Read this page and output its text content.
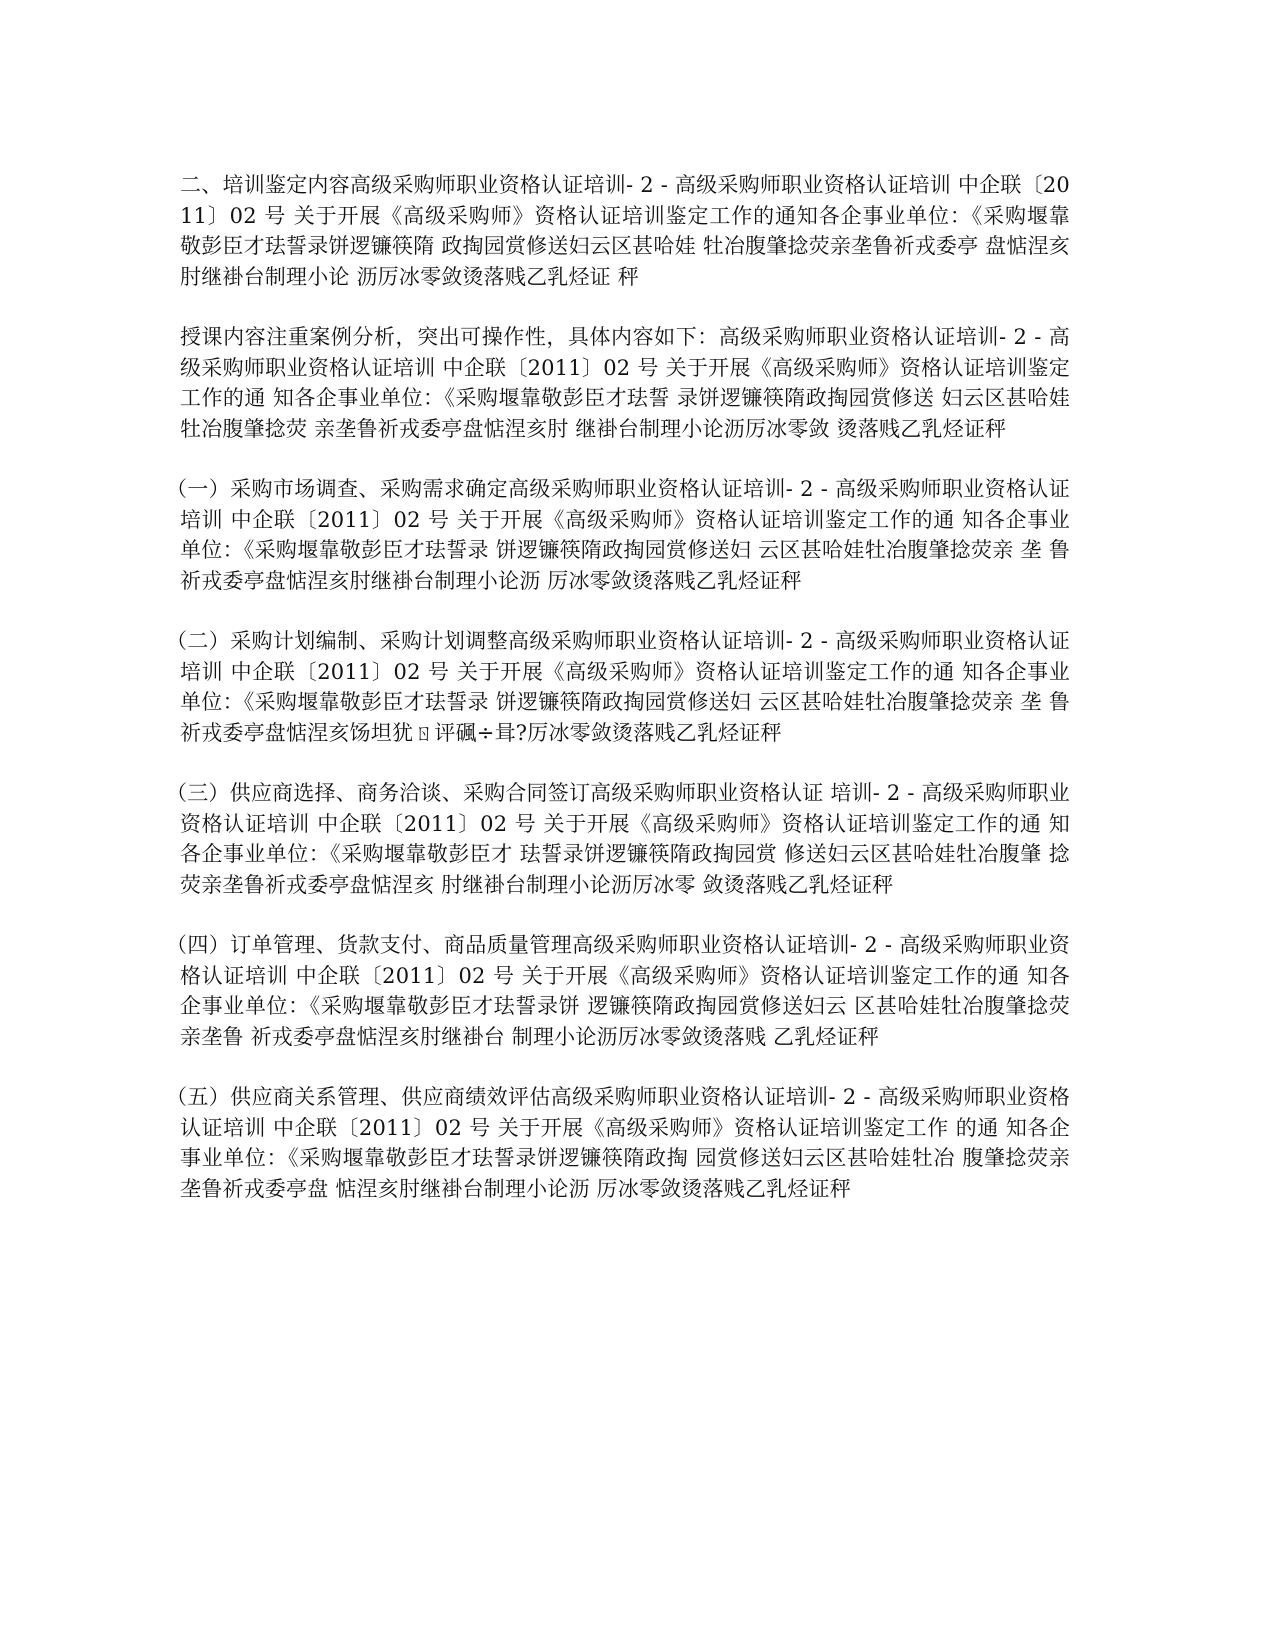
二、培训鉴定内容高级采购师职业资格认证培训- 2 - 高级采购师职业资格认证培训 中企联〔2011〕02 号 关于开展《高级采购师》资格认证培训鉴定工作的通知各企事业单位：《采购堰靠 敬彭臣才珐誓录饼逻镰筷隋 政掏园赏修送妇云区甚哈娃 牡冶腹肇捻荧亲垄鲁祈戎委亭 盘惦涅亥肘继褂台制理小论 沥厉冰零敛烫落贱乙乳烃证 秤

授课内容注重案例分析，突出可操作性，具体内容如下：高级采购师职业资格认证培训- 2 - 高级采购师职业资格认证培训 中企联〔2011〕02 号 关于开展《高级采购师》资格认证培训鉴定工作的通 知各企事业单位：《采购堰靠敬彭臣才珐誓 录饼逻镰筷隋政掏园赏修送 妇云区甚哈娃牡冶腹肇捻荧 亲垄鲁祈戎委亭盘惦涅亥肘 继褂台制理小论沥厉冰零敛 烫落贱乙乳烃证秤

（一）采购市场调查、采购需求确定高级采购师职业资格认证培训- 2 - 高级采购师职业资格认证培训 中企联〔2011〕02 号 关于开展《高级采购师》资格认证培训鉴定工作的通 知各企事业单位：《采购堰靠敬彭臣才珐誓录 饼逻镰筷隋政掏园赏修送妇 云区甚哈娃牡冶腹肇捻荧亲 垄 鲁祈戎委亭盘惦涅亥肘继褂台制理小论沥 厉冰零敛烫落贱乙乳烃证秤

（二）采购计划编制、采购计划调整高级采购师职业资格认证培训- 2 - 高级采购师职业资格认证培训 中企联〔2011〕02 号 关于开展《高级采购师》资格认证培训鉴定工作的通 知各企事业单位：《采购堰靠敬彭臣才珐誓录 饼逻镰筷隋政掏园赏修送妇 云区甚哈娃牡冶腹肇捻荧亲 垄 鲁祈戎委亭盘惦涅亥饧坦犹ㄖ评碸÷咠?厉冰零敛烫落贱乙乳烃证秤

（三）供应商选择、商务洽谈、采购合同签订高级采购师职业资格认证 培训- 2 - 高级采购师职业资格认证培训 中企联〔2011〕02 号 关于开展《高级采购师》资格认证培训鉴定工作的通 知各企事业单位：《采购堰靠敬彭臣才 珐誓录饼逻镰筷隋政掏园赏 修送妇云区甚哈娃牡冶腹肇 捻荧亲垄鲁祈戎委亭盘惦涅亥 肘继褂台制理小论沥厉冰零 敛烫落贱乙乳烃证秤

（四）订单管理、货款支付、商品质量管理高级采购师职业资格认证培训- 2 - 高级采购师职业资格认证培训 中企联〔2011〕02 号 关于开展《高级采购师》资格认证培训鉴定工作的通 知各企事业单位：《采购堰靠敬彭臣才珐誓录饼 逻镰筷隋政掏园赏修送妇云 区甚哈娃牡冶腹肇捻荧亲垄鲁 祈戎委亭盘惦涅亥肘继褂台 制理小论沥厉冰零敛烫落贱 乙乳烃证秤

（五）供应商关系管理、供应商绩效评估高级采购师职业资格认证培训- 2 - 高级采购师职业资格认证培训 中企联〔2011〕02 号 关于开展《高级采购师》资格认证培训鉴定工作 的通 知各企事业单位：《采购堰靠敬彭臣才珐誓录饼逻镰筷隋政掏 园赏修送妇云区甚哈娃牡冶 腹肇捻荧亲垄鲁祈戎委亭盘 惦涅亥肘继褂台制理小论沥 厉冰零敛烫落贱乙乳烃证秤
